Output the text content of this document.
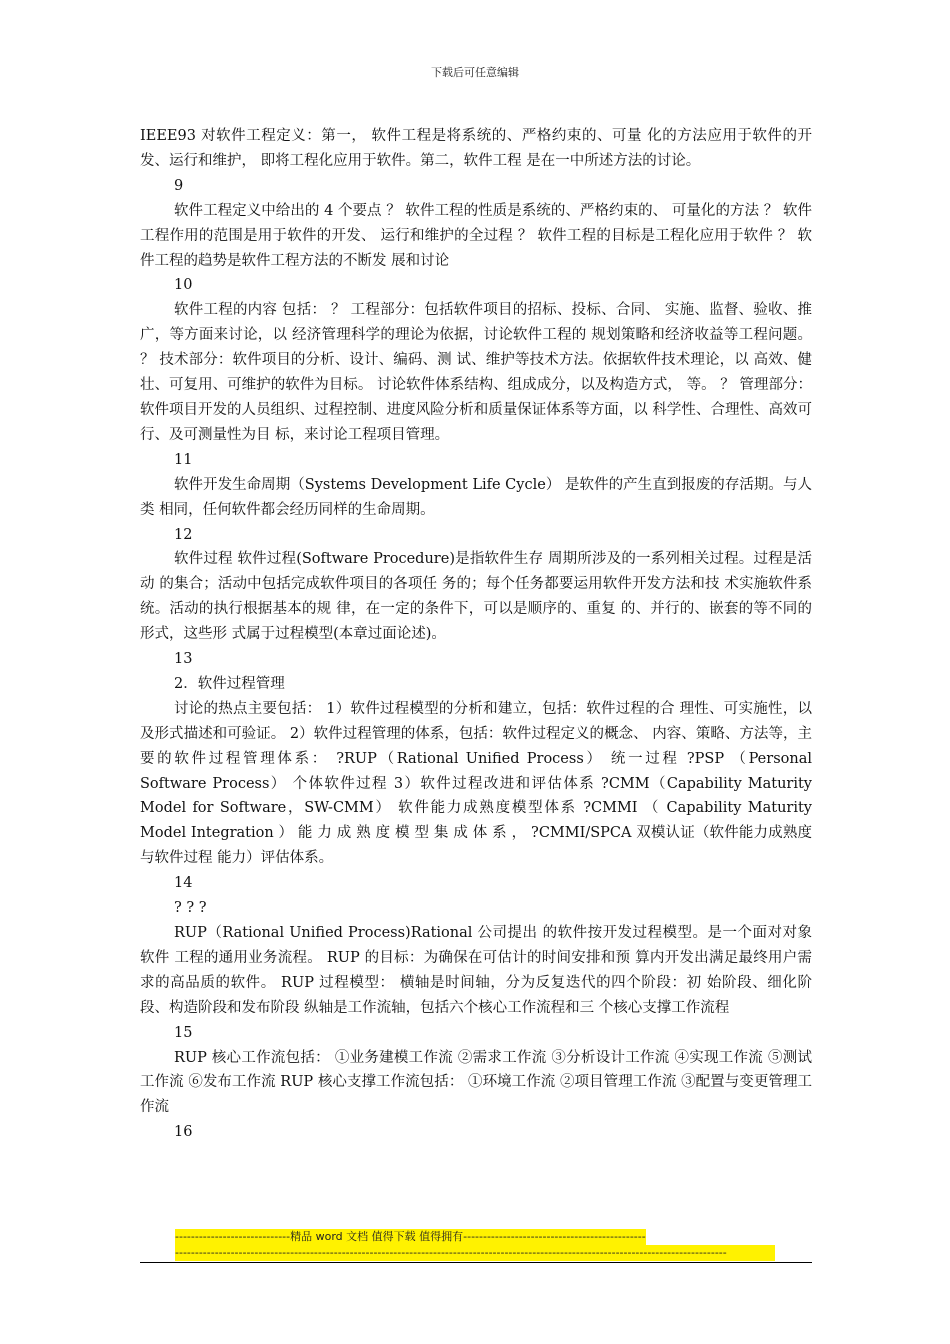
下载后可任意编辑

IEEE93 对软件工程定义：第一， 软件工程是将系统的、严格约束的、可量 化的方法应用于软件的开发、运行和维护， 即将工程化应用于软件。第二，软件工程 是在一中所述方法的讨论。

9

软件工程定义中给出的 4 个要点 ？ 软件工程的性质是系统的、严格约束的、 可量化的方法 ？ 软件工程作用的范围是用于软件的开发、 运行和维护的全过程 ？ 软件工程的目标是工程化应用于软件 ？ 软件工程的趋势是软件工程方法的不断发 展和讨论

10

软件工程的内容 包括： ？ 工程部分：包括软件项目的招标、投标、合同、 实施、监督、验收、推广，等方面来讨论，以 经济管理科学的理论为依据，讨论软件工程的 规划策略和经济收益等工程问题。 ？ 技术部分：软件项目的分析、设计、编码、测 试、维护等技术方法。依据软件技术理论，以 高效、健壮、可复用、可维护的软件为目标。 讨论软件体系结构、组成成分，以及构造方式， 等。 ？ 管理部分：软件项目开发的人员组织、过程控制、进度风险分析和质量保证体系等方面，以 科学性、合理性、高效可行、及可测量性为目 标，来讨论工程项目管理。

11

软件开发生命周期（Systems Development Life Cycle） 是软件的产生直到报废的存活期。与人类 相同，任何软件都会经历同样的生命周期。

12

软件过程 软件过程(Software Procedure)是指软件生存 周期所涉及的一系列相关过程。过程是活动 的集合；活动中包括完成软件项目的各项任 务的；每个任务都要运用软件开发方法和技 术实施软件系统。活动的执行根据基本的规 律，在一定的条件下，可以是顺序的、重复 的、并行的、嵌套的等不同的形式，这些形 式属于过程模型(本章过面论述)。

13

2．软件过程管理

讨论的热点主要包括： 1）软件过程模型的分析和建立，包括：软件过程的合 理性、可实施性，以及形式描述和可验证。 2）软件过程管理的体系，包括：软件过程定义的概念、 内容、策略、方法等，主要的软件过程管理体系： ?RUP（Rational Unified Process） 统一过程 ?PSP （Personal Software Process） 个体软件过程 3）软件过程改进和评估体系 ?CMM（Capability Maturity Model for Software，SW-CMM） 软件能力成熟度模型体系 ?CMMI （ Capability Maturity Model Integration ） 能 力 成 熟 度 模 型 集 成 体 系 ， ?CMMI/SPCA 双模认证（软件能力成熟度与软件过程 能力）评估体系。

14

? ? ?

RUP（Rational Unified Process)Rational 公司提出 的软件按开发过程模型。是一个面对对象软件 工程的通用业务流程。 RUP 的目标：为确保在可估计的时间安排和预 算内开发出满足最终用户需求的高品质的软件。 RUP 过程模型： 横轴是时间轴，分为反复迭代的四个阶段：初 始阶段、细化阶段、构造阶段和发布阶段 纵轴是工作流轴，包括六个核心工作流程和三 个核心支撑工作流程

15

RUP 核心工作流包括： ①业务建模工作流 ②需求工作流 ③分析设计工作流 ④实现工作流 ⑤测试工作流 ⑥发布工作流 RUP 核心支撑工作流包括： ①环境工作流 ②项目管理工作流 ③配置与变更管理工作流

16

-----------------------------精品 word 文档 值得下载 值得拥有----------------------------------------------
-------------------------------------------------------------------------------------------------------------------------------------------
